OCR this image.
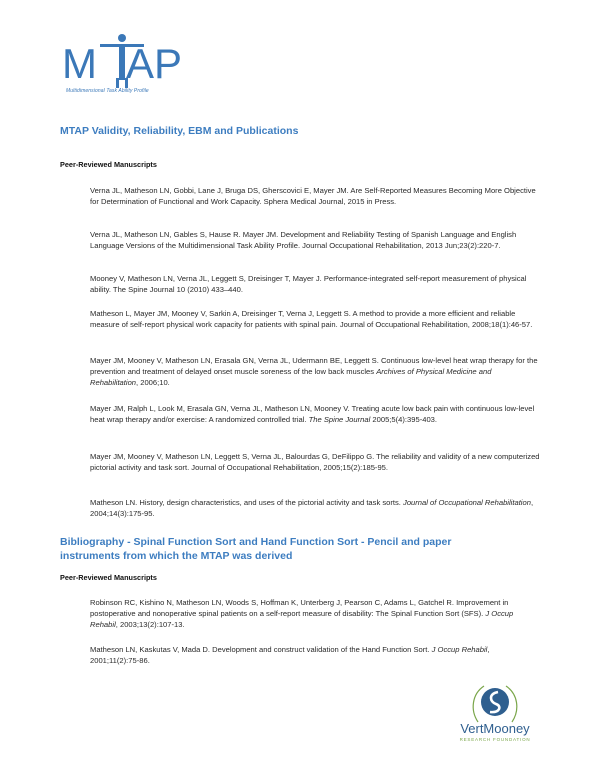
M AP
Multidimensional Task Ability Profile
MTAP Validity, Reliability, EBM and Publications
Peer-Reviewed Manuscripts
Verna JL, Matheson LN, Gobbi, Lane J, Bruga DS, Gherscovici E, Mayer JM. Are Self-Reported Measures Becoming More Objective for Determination of Functional and Work Capacity. Sphera Medical Journal, 2015 in Press.
Verna JL, Matheson LN, Gables S, Hause R. Mayer JM. Development and Reliability Testing of Spanish Language and English Language Versions of the Multidimensional Task Ability Profile. Journal Occupational Rehabilitation, 2013 Jun;23(2):220-7.
Mooney V, Matheson LN, Verna JL, Leggett S, Dreisinger T, Mayer J. Performance-integrated self-report measurement of physical ability. The Spine Journal 10 (2010) 433–440.
Matheson L, Mayer JM, Mooney V, Sarkin A, Dreisinger T, Verna J, Leggett S. A method to provide a more efficient and reliable measure of self-report physical work capacity for patients with spinal pain. Journal of Occupational Rehabilitation, 2008;18(1):46-57.
Mayer JM, Mooney V, Matheson LN, Erasala GN, Verna JL, Udermann BE, Leggett S. Continuous low-level heat wrap therapy for the prevention and treatment of delayed onset muscle soreness of the low back muscles Archives of Physical Medicine and Rehabilitation, 2006;10.
Mayer JM, Ralph L, Look M, Erasala GN, Verna JL, Matheson LN, Mooney V. Treating acute low back pain with continuous low-level heat wrap therapy and/or exercise: A randomized controlled trial. The Spine Journal 2005;5(4):395-403.
Mayer JM, Mooney V, Matheson LN, Leggett S, Verna JL, Balourdas G, DeFilippo G. The reliability and validity of a new computerized pictorial activity and task sort. Journal of Occupational Rehabilitation, 2005;15(2):185-95.
Matheson LN. History, design characteristics, and uses of the pictorial activity and task sorts. Journal of Occupational Rehabilitation, 2004;14(3):175-95.
Bibliography - Spinal Function Sort and Hand Function Sort - Pencil and paper
instruments from which the MTAP was derived
Peer-Reviewed Manuscripts
Robinson RC, Kishino N, Matheson LN, Woods S, Hoffman K, Unterberg J, Pearson C, Adams L, Gatchel R. Improvement in postoperative and nonoperative spinal patients on a self-report measure of disability: The Spinal Function Sort (SFS). J Occup Rehabil, 2003;13(2):107-13.
Matheson LN, Kaskutas V, Mada D. Development and construct validation of the Hand Function Sort. J Occup Rehabil, 2001;11(2):75-86.
VertMooney
RESEARCH FOUNDATION
